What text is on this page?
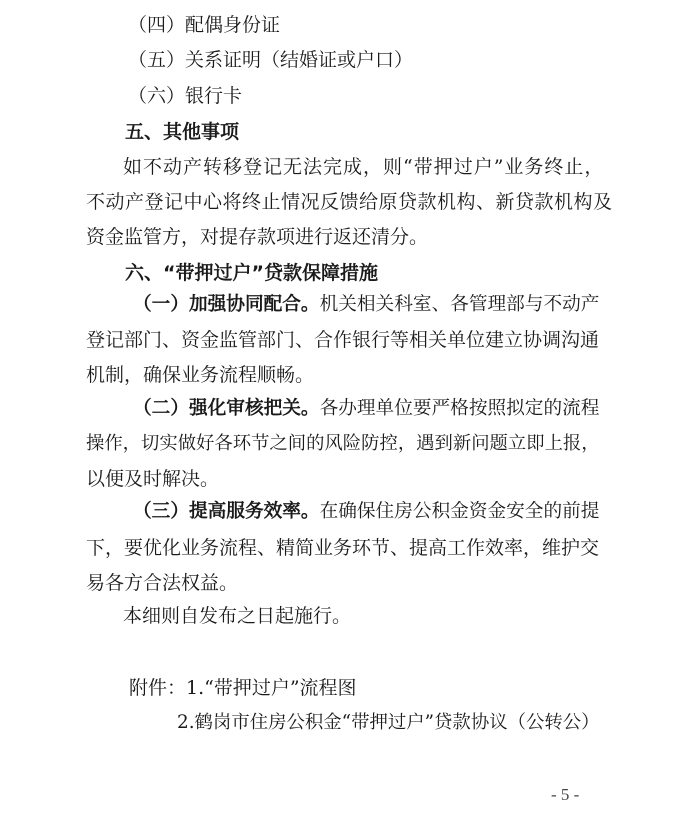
（四）配偶身份证
（五）关系证明（结婚证或户口）
（六）银行卡
五、其他事项
如不动产转移登记无法完成，则“带押过户”业务终止，
不动产登记中心将终止情况反馈给原贷款机构、新贷款机构及
资金监管方，对提存款项进行返还清分。
六、“带押过户”贷款保障措施
（一）加强协同配合。机关相关科室、各管理部与不动产
登记部门、资金监管部门、合作银行等相关单位建立协调沟通
机制，确保业务流程顺畅。
（二）强化审核把关。各办理单位要严格按照拟定的流程
操作，切实做好各环节之间的风险防控，遇到新问题立即上报，
以便及时解决。
（三）提高服务效率。在确保住房公积金资金安全的前提
下，要优化业务流程、精简业务环节、提高工作效率，维护交
易各方合法权益。
本细则自发布之日起施行。
附件：1.“带押过户”流程图
2.鹤岗市住房公积金“带押过户”贷款协议（公转公）
- 5 -
